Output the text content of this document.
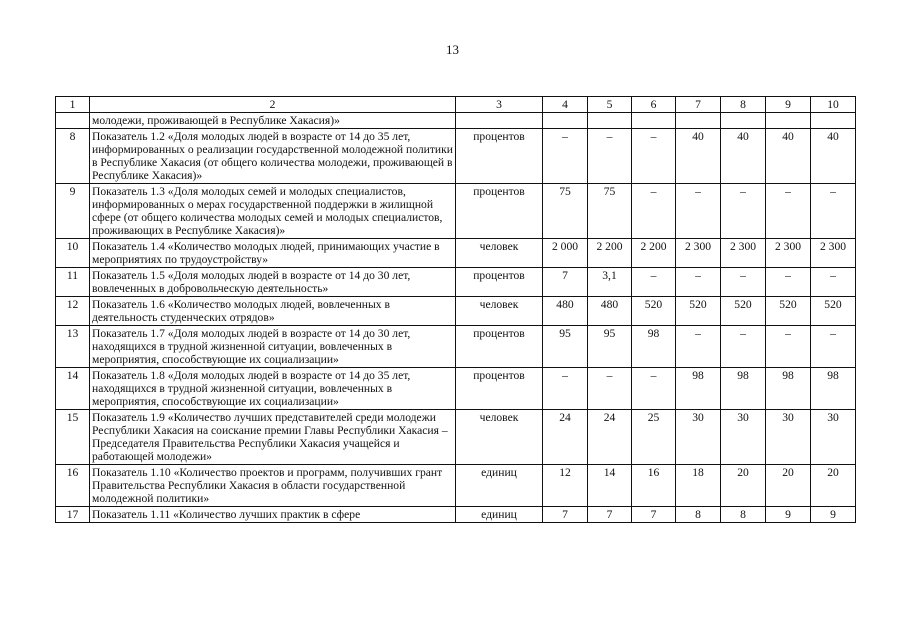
13
1	2	3	4	5	6	7	8	9	10
	молодежи, проживающей в Республике Хакасия)»								
8	Показатель 1.2 «Доля молодых людей в возрасте от 14 до 35 лет, информированных о реализации государственной молодежной политики в Республике Хакасия (от общего количества молодежи, проживающей в Республике Хакасия)»	процентов	–	–	–	40	40	40	40
9	Показатель 1.3 «Доля молодых семей и молодых специалистов, информированных о мерах государственной поддержки в жилищной сфере (от общего количества молодых семей и молодых специалистов, проживающих в Республике Хакасия)»	процентов	75	75	–	–	–	–	–
10	Показатель 1.4 «Количество молодых людей, принимающих участие в мероприятиях по трудоустройству»	человек	2 000	2 200	2 200	2 300	2 300	2 300	2 300
11	Показатель 1.5 «Доля молодых людей в возрасте от 14 до 30 лет, вовлеченных в добровольческую деятельность»	процентов	7	3,1	–	–	–	–	–
12	Показатель 1.6 «Количество молодых людей, вовлеченных в деятельность студенческих отрядов»	человек	480	480	520	520	520	520	520
13	Показатель 1.7 «Доля молодых людей в возрасте от 14 до 30 лет, находящихся в трудной жизненной ситуации, вовлеченных в мероприятия, способствующие их социализации»	процентов	95	95	98	–	–	–	–
14	Показатель 1.8 «Доля молодых людей в возрасте от 14 до 35 лет, находящихся в трудной жизненной ситуации, вовлеченных в мероприятия, способствующие их социализации»	процентов	–	–	–	98	98	98	98
15	Показатель 1.9 «Количество лучших представителей среди молодежи Республики Хакасия на соискание премии Главы Республики Хакасия – Председателя Правительства Республики Хакасия учащейся и работающей молодежи»	человек	24	24	25	30	30	30	30
16	Показатель 1.10 «Количество проектов и программ, получивших грант Правительства Республики Хакасия в области государственной молодежной политики»	единиц	12	14	16	18	20	20	20
17	Показатель 1.11 «Количество лучших практик в сфере	единиц	7	7	7	8	8	9	9
